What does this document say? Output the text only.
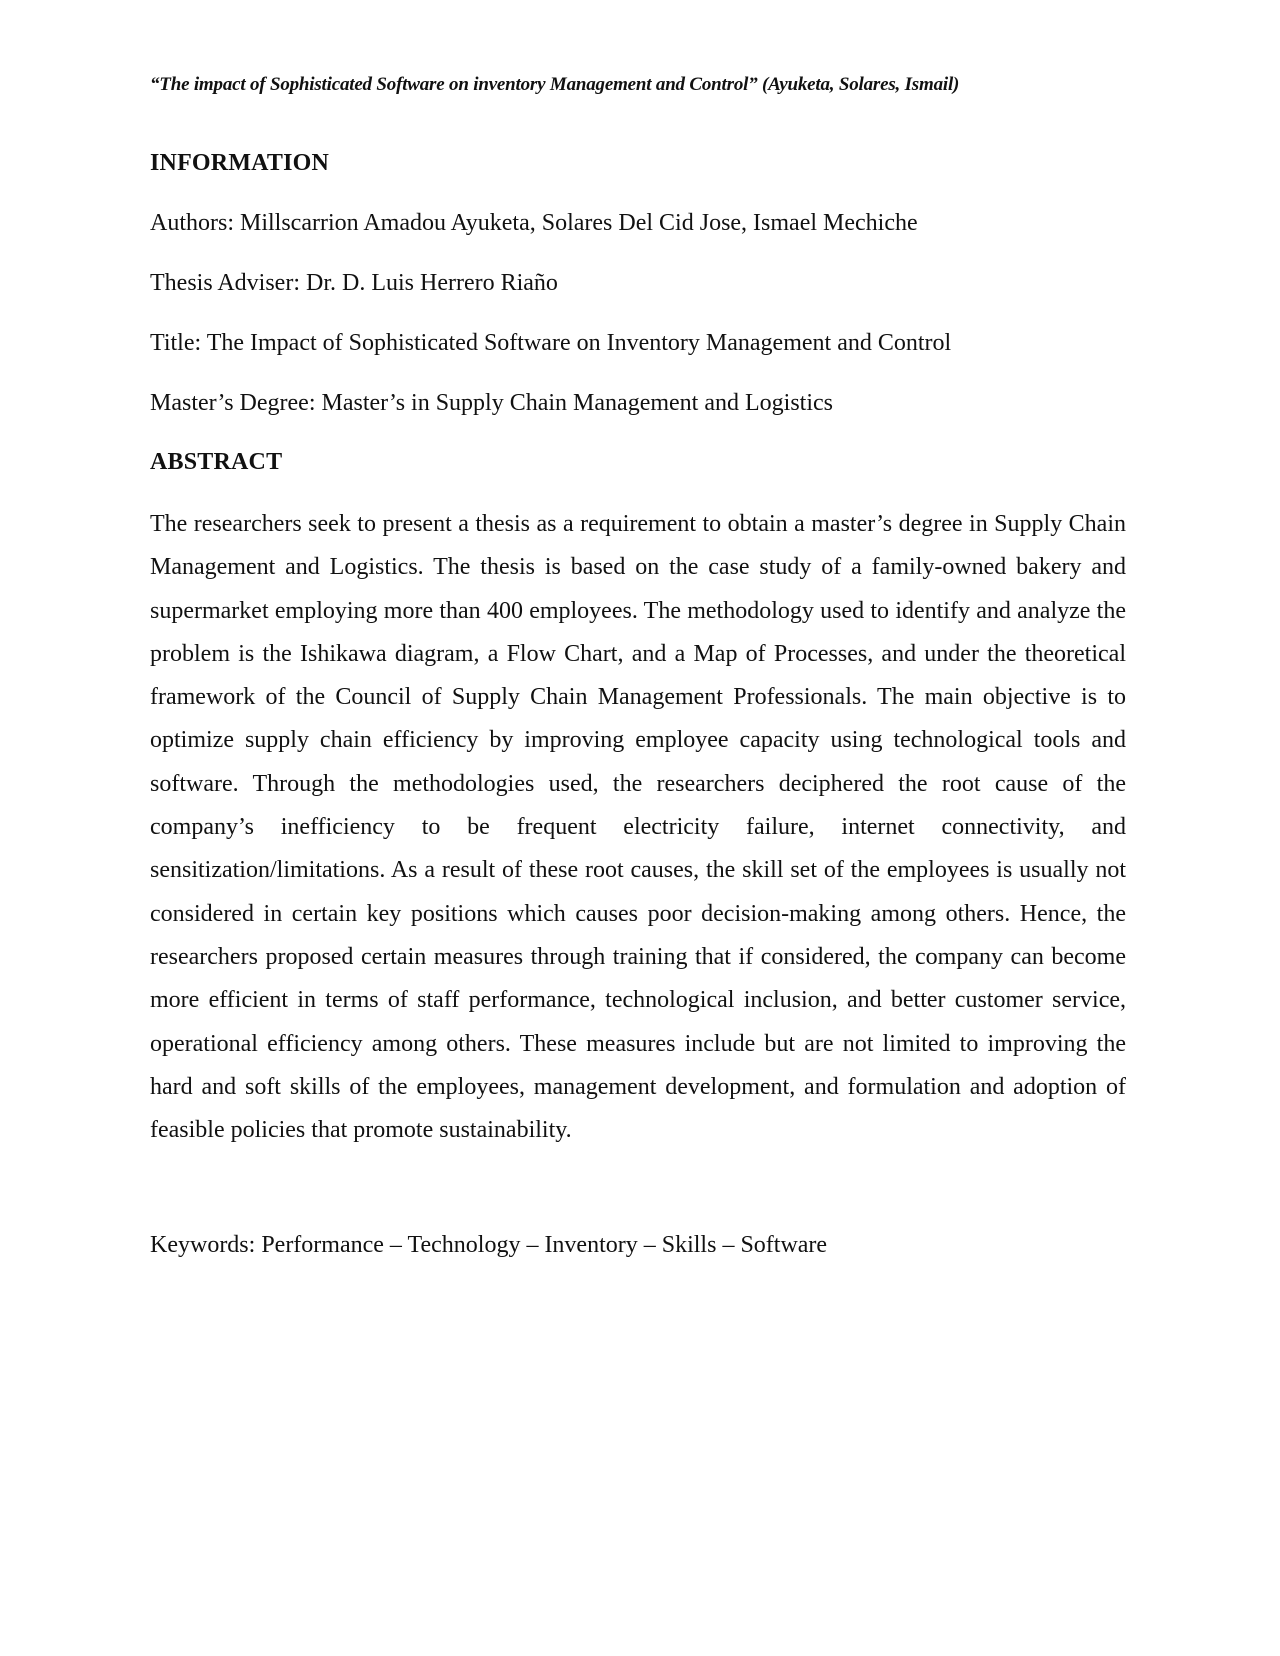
“The impact of Sophisticated Software on inventory Management and Control” (Ayuketa, Solares, Ismail)
INFORMATION
Authors: Millscarrion Amadou Ayuketa, Solares Del Cid Jose, Ismael Mechiche
Thesis Adviser: Dr. D. Luis Herrero Riaño
Title: The Impact of Sophisticated Software on Inventory Management and Control
Master’s Degree: Master’s in Supply Chain Management and Logistics
ABSTRACT

The researchers seek to present a thesis as a requirement to obtain a master’s degree in Supply Chain Management and Logistics. The thesis is based on the case study of a family-owned bakery and supermarket employing more than 400 employees. The methodology used to identify and analyze the problem is the Ishikawa diagram, a Flow Chart, and a Map of Processes, and under the theoretical framework of the Council of Supply Chain Management Professionals. The main objective is to optimize supply chain efficiency by improving employee capacity using technological tools and software. Through the methodologies used, the researchers deciphered the root cause of the company’s inefficiency to be frequent electricity failure, internet connectivity, and sensitization/limitations. As a result of these root causes, the skill set of the employees is usually not considered in certain key positions which causes poor decision-making among others. Hence, the researchers proposed certain measures through training that if considered, the company can become more efficient in terms of staff performance, technological inclusion, and better customer service, operational efficiency among others. These measures include but are not limited to improving the hard and soft skills of the employees, management development, and formulation and adoption of feasible policies that promote sustainability.

Keywords: Performance – Technology – Inventory – Skills – Software
